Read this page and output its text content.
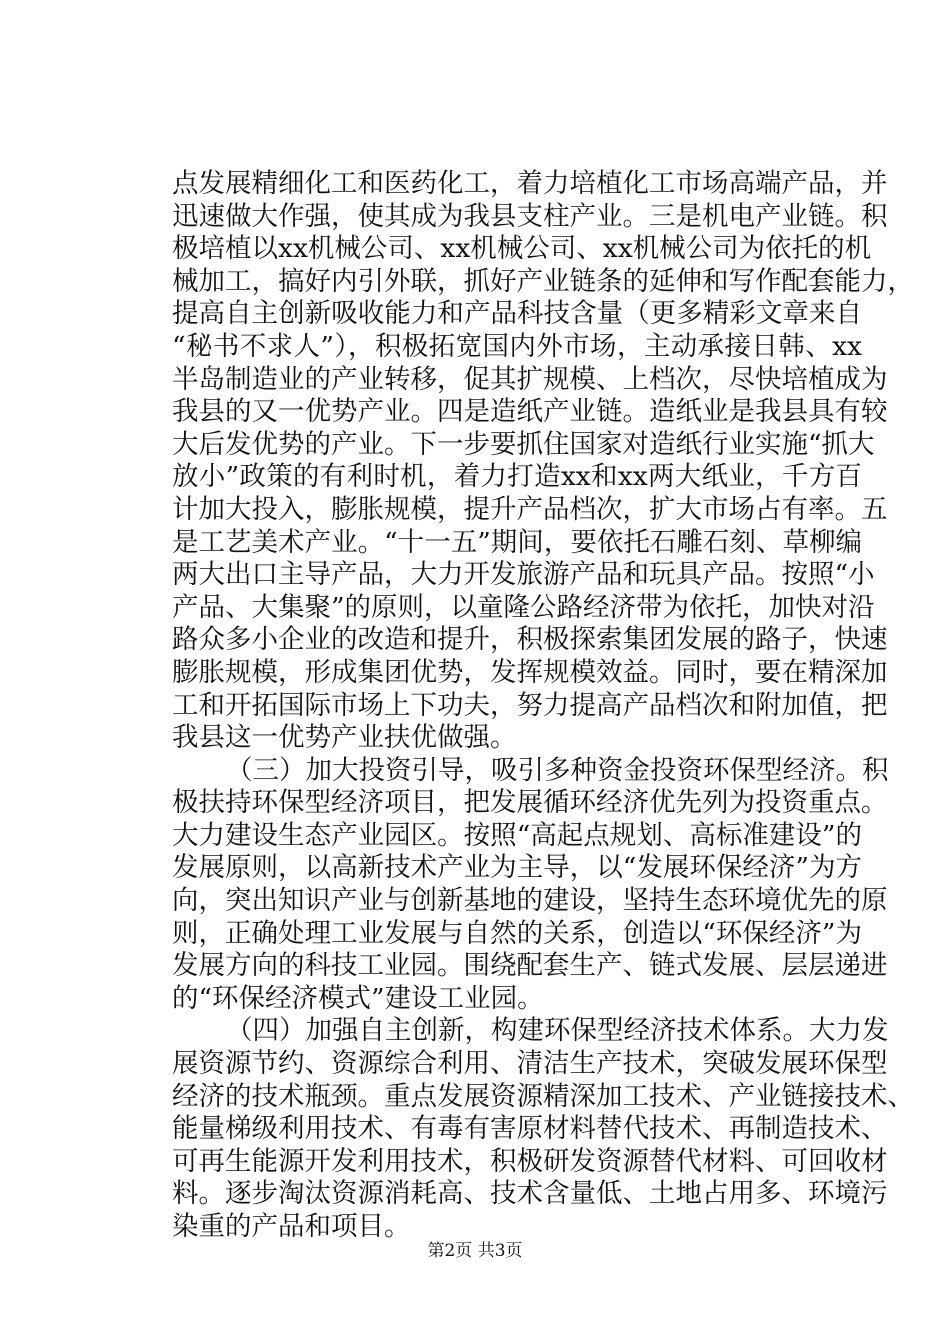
点发展精细化工和医药化工，着力培植化工市场高端产品，并
迅速做大作强，使其成为我县支柱产业。三是机电产业链。积
极培植以xx机械公司、xx机械公司、xx机械公司为依托的机
械加工，搞好内引外联，抓好产业链条的延伸和写作配套能力，
提高自主创新吸收能力和产品科技含量（更多精彩文章来自
“秘书不求人”），积极拓宽国内外市场，主动承接日韩、xx
半岛制造业的产业转移，促其扩规模、上档次，尽快培植成为
我县的又一优势产业。四是造纸产业链。造纸业是我县具有较
大后发优势的产业。下一步要抓住国家对造纸行业实施“抓大
放小”政策的有利时机，着力打造xx和xx两大纸业，千方百
计加大投入，膨胀规模，提升产品档次，扩大市场占有率。五
是工艺美术产业。“十一五”期间，要依托石雕石刻、草柳编
两大出口主导产品，大力开发旅游产品和玩具产品。按照“小
产品、大集聚”的原则，以童隆公路经济带为依托，加快对沿
路众多小企业的改造和提升，积极探索集团发展的路子，快速
膨胀规模，形成集团优势，发挥规模效益。同时，要在精深加
工和开拓国际市场上下功夫，努力提高产品档次和附加值，把
我县这一优势产业扶优做强。
（三）加大投资引导，吸引多种资金投资环保型经济。积
极扶持环保型经济项目，把发展循环经济优先列为投资重点。
大力建设生态产业园区。按照“高起点规划、高标准建设”的
发展原则，以高新技术产业为主导，以“发展环保经济”为方
向，突出知识产业与创新基地的建设，坚持生态环境优先的原
则，正确处理工业发展与自然的关系，创造以“环保经济”为
发展方向的科技工业园。围绕配套生产、链式发展、层层递进
的“环保经济模式”建设工业园。
（四）加强自主创新，构建环保型经济技术体系。大力发
展资源节约、资源综合利用、清洁生产技术，突破发展环保型
经济的技术瓶颈。重点发展资源精深加工技术、产业链接技术、
能量梯级利用技术、有毒有害原材料替代技术、再制造技术、
可再生能源开发利用技术，积极研发资源替代材料、可回收材
料。逐步淘汰资源消耗高、技术含量低、土地占用多、环境污
染重的产品和项目。
第2页 共3页
